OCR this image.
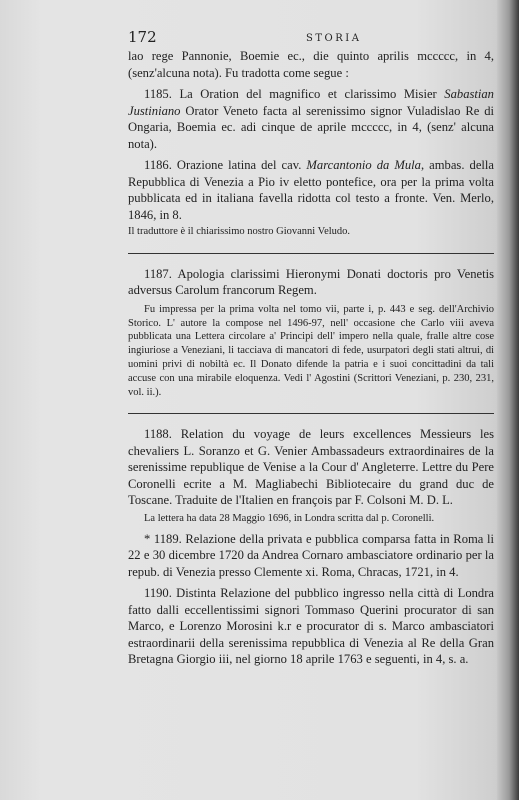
172	STORIA

lao rege Pannonie, Boemie ec., die quinto aprilis mccccc, in 4, (senz'alcuna nota). Fu tradotta come segue :

1185. La Oration del magnifico et clarissimo Misier Sabastian Justiniano Orator Veneto facta al serenissimo signor Vuladislao Re di Ongaria, Boemia ec. adi cinque de aprile mccccc, in 4, (senz' alcuna nota).

1186. Orazione latina del cav. Marcantonio da Mula, ambas. della Repubblica di Venezia a Pio iv eletto pontefice, ora per la prima volta pubblicata ed in italiana favella ridotta col testo a fronte. Ven. Merlo, 1846, in 8.

Il traduttore è il chiarissimo nostro Giovanni Veludo.

1187. Apologia clarissimi Hieronymi Donati doctoris pro Venetis adversus Carolum francorum Regem.

Fu impressa per la prima volta nel tomo vii, parte i, p. 443 e seg. dell'Archivio Storico. L' autore la compose nel 1496-97, nell' occasione che Carlo viii aveva pubblicata una Lettera circolare a' Principi dell' impero nella quale, fralle altre cose ingiuriose a Veneziani, li tacciava di mancatori di fede, usurpatori degli stati altrui, di uomini privi di nobiltà ec. Il Donato difende la patria e i suoi concittadini da tali accuse con una mirabile eloquenza. Vedi l' Agostini (Scrittori Veneziani, p. 230, 231, vol. ii.).

1188. Relation du voyage de leurs excellences Messieurs les chevaliers L. Soranzo et G. Venier Ambassadeurs extraordinaires de la serenissime republique de Venise a la Cour d' Angleterre. Lettre du Pere Coronelli ecrite a M. Magliabechi Bibliotecaire du grand duc de Toscane. Traduite de l'Italien en françois par F. Colsoni M. D. L.

La lettera ha data 28 Maggio 1696, in Londra scritta dal p. Coronelli.

* 1189. Relazione della privata e pubblica comparsa fatta in Roma li 22 e 30 dicembre 1720 da Andrea Cornaro ambasciatore ordinario per la repub. di Venezia presso Clemente xi. Roma, Chracas, 1721, in 4.

1190. Distinta Relazione del pubblico ingresso nella città di Londra fatto dalli eccellentissimi signori Tommaso Querini procurator di san Marco, e Lorenzo Morosini k.r e procurator di s. Marco ambasciatori estraordinarii della serenissima repubblica di Venezia al Re della Gran Bretagna Giorgio iii, nel giorno 18 aprile 1763 e seguenti, in 4, s. a.
